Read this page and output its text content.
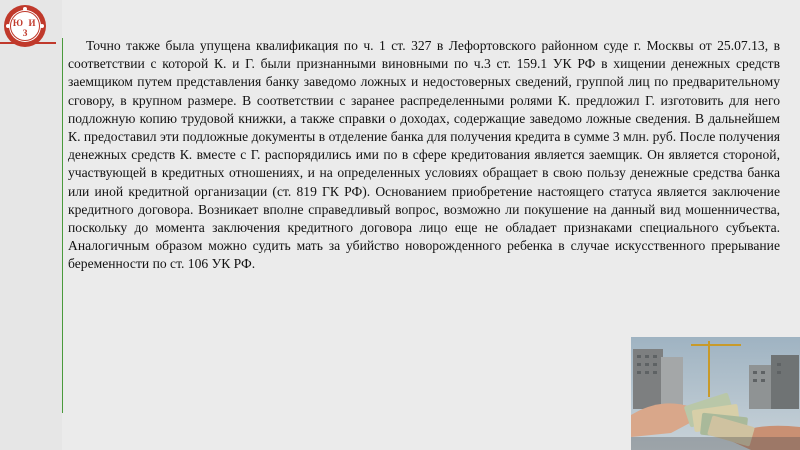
Ю И
З

Точно также была упущена квалификация по ч. 1 ст. 327 в Лефортовского районном суде г. Москвы от 25.07.13, в соответствии с которой К. и Г. были признанными виновными по ч.3 ст. 159.1 УК РФ в хищении денежных средств заемщиком путем представления банку заведомо ложных и недостоверных сведений, группой лиц по предварительному сговору, в крупном размере. В соответствии с заранее распределенными ролями К. предложил Г. изготовить для него подложную копию трудовой книжки, а также справки о доходах, содержащие заведомо ложные сведения. В дальнейшем К. предоставил эти подложные документы в отделение банка для получения кредита в сумме 3 млн. руб. После получения денежных средств К. вместе с Г. распорядились ими по в сфере кредитования является заемщик. Он является стороной, участвующей в кредитных отношениях, и на определенных условиях обращает в свою пользу денежные средства банка или иной кредитной организации (ст. 819 ГК РФ). Основанием приобретение настоящего статуса является заключение кредитного договора. Возникает вполне справедливый вопрос, возможно ли покушение на данный вид мошенничества, поскольку до момента заключения кредитного договора лицо еще не обладает признаками специального субъекта. Аналогичным образом можно судить мать за убийство новорожденного ребенка в случае искусственного прерывание беременности по ст. 106 УК РФ.
